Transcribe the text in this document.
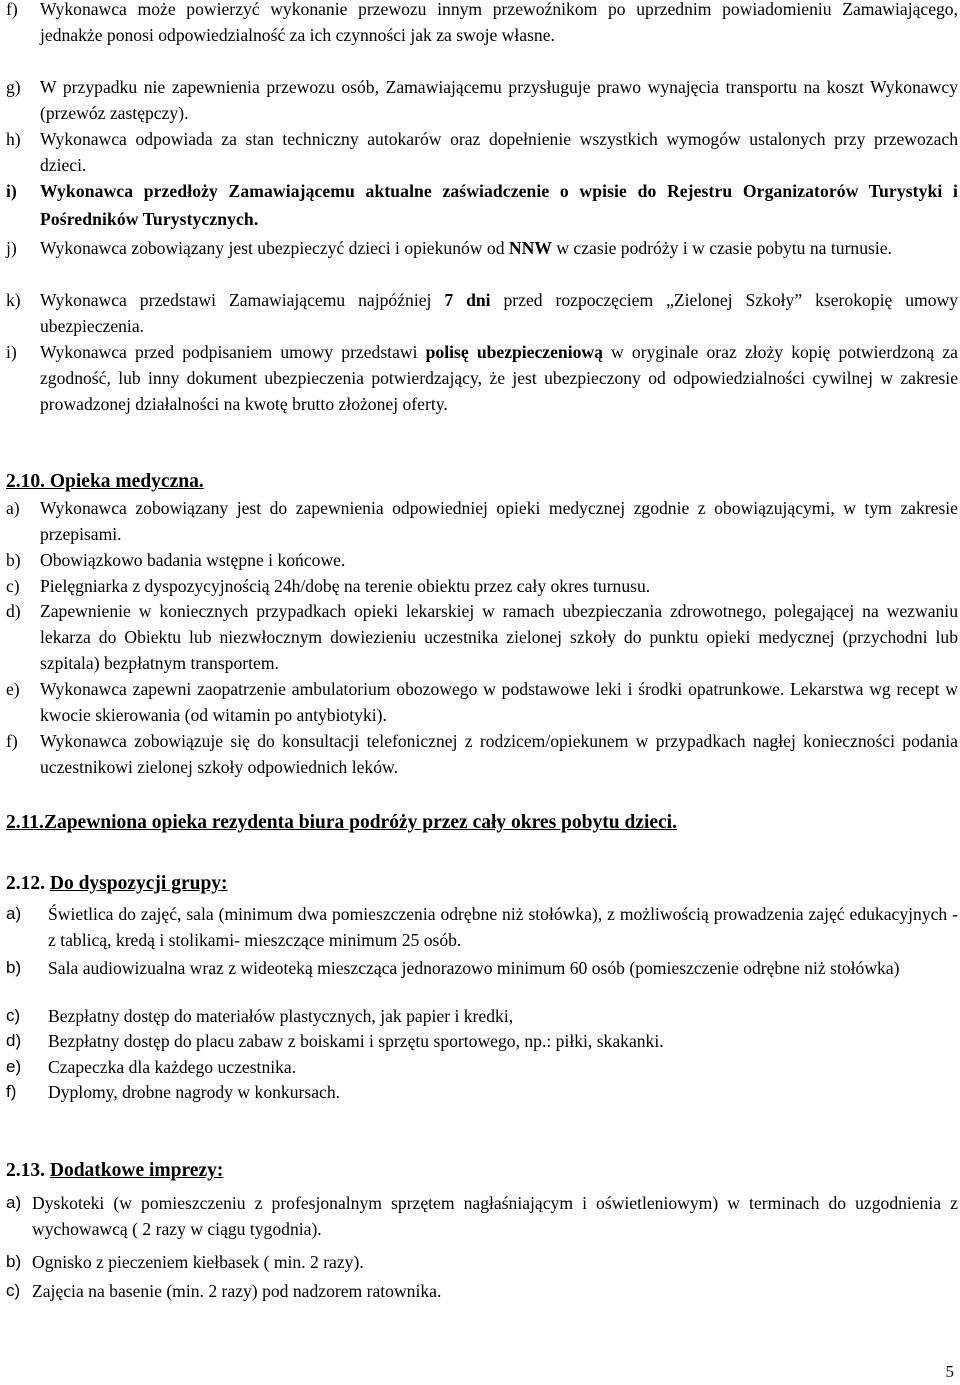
f) Wykonawca może powierzyć wykonanie przewozu innym przewoźnikom po uprzednim powiadomieniu Zamawiającego, jednakże ponosi odpowiedzialność za ich czynności jak za swoje własne.
g) W przypadku nie zapewnienia przewozu osób, Zamawiającemu przysługuje prawo wynajęcia transportu na koszt Wykonawcy (przewóz zastępczy).
h) Wykonawca odpowiada za stan techniczny autokarów oraz dopełnienie wszystkich wymogów ustalonych przy przewozach dzieci.
i) Wykonawca przedłoży Zamawiającemu aktualne zaświadczenie o wpisie do Rejestru Organizatorów Turystyki i Pośredników Turystycznych.
j) Wykonawca zobowiązany jest ubezpieczyć dzieci i opiekunów od NNW w czasie podróży i w czasie pobytu na turnusie.
k) Wykonawca przedstawi Zamawiającemu najpóźniej 7 dni przed rozpoczęciem „Zielonej Szkoły” kserokopię umowy ubezpieczenia.
i) Wykonawca przed podpisaniem umowy przedstawi polisę ubezpieczeniową w oryginale oraz złoży kopię potwierdzoną za zgodność, lub inny dokument ubezpieczenia potwierdzający, że jest ubezpieczony od odpowiedzialności cywilnej w zakresie prowadzonej działalności na kwotę brutto złożonej oferty.
2.10. Opieka medyczna.
a) Wykonawca zobowiązany jest do zapewnienia odpowiedniej opieki medycznej zgodnie z obowiązującymi, w tym zakresie przepisami.
b) Obowiązkowo badania wstępne i końcowe.
c) Pielęgniarka z dyspozycyjnością 24h/dobę na terenie obiektu przez cały okres turnusu.
d) Zapewnienie w koniecznych przypadkach opieki lekarskiej w ramach ubezpieczania zdrowotnego, polegającej na wezwaniu lekarza do Obiektu lub niezwłocznym dowiezieniu uczestnika zielonej szkoły do punktu opieki medycznej (przychodni lub szpitala) bezpłatnym transportem.
e) Wykonawca zapewni zaopatrzenie ambulatorium obozowego w podstawowe leki i środki opatrunkowe. Lekarstwa wg recept w kwocie skierowania (od witamin po antybiotyki).
f) Wykonawca zobowiązuje się do konsultacji telefonicznej z rodzicem/opiekunem w przypadkach nagłej konieczności podania uczestnikowi zielonej szkoły odpowiednich leków.
2.11.Zapewniona opieka rezydenta biura podróży przez cały okres pobytu dzieci.
2.12. Do dyspozycji grupy:
a) Świetlica do zajęć, sala (minimum dwa pomieszczenia odrębne niż stołówka), z możliwością prowadzenia zajęć edukacyjnych - z tablicą, kredą i stolikami- mieszczące minimum 25 osób.
b) Sala audiowizualna wraz z wideoteką mieszcząca jednorazowo minimum 60 osób (pomieszczenie odrębne niż stołówka)
c) Bezpłatny dostęp do materiałów plastycznych, jak papier i kredki,
d) Bezpłatny dostęp do placu zabaw z boiskami i sprzętu sportowego, np.: piłki, skakanki.
e) Czapeczka dla każdego uczestnika.
f) Dyplomy, drobne nagrody w konkursach.
2.13. Dodatkowe imprezy:
a) Dyskoteki (w pomieszczeniu z profesjonalnym sprzętem nagłaśniającym i oświetleniowym) w terminach do uzgodnienia z wychowawcą ( 2 razy w ciągu tygodnia).
b) Ognisko z pieczeniem kiełbasek ( min. 2 razy).
c) Zajęcia na basenie (min. 2 razy) pod nadzorem ratownika.
5
